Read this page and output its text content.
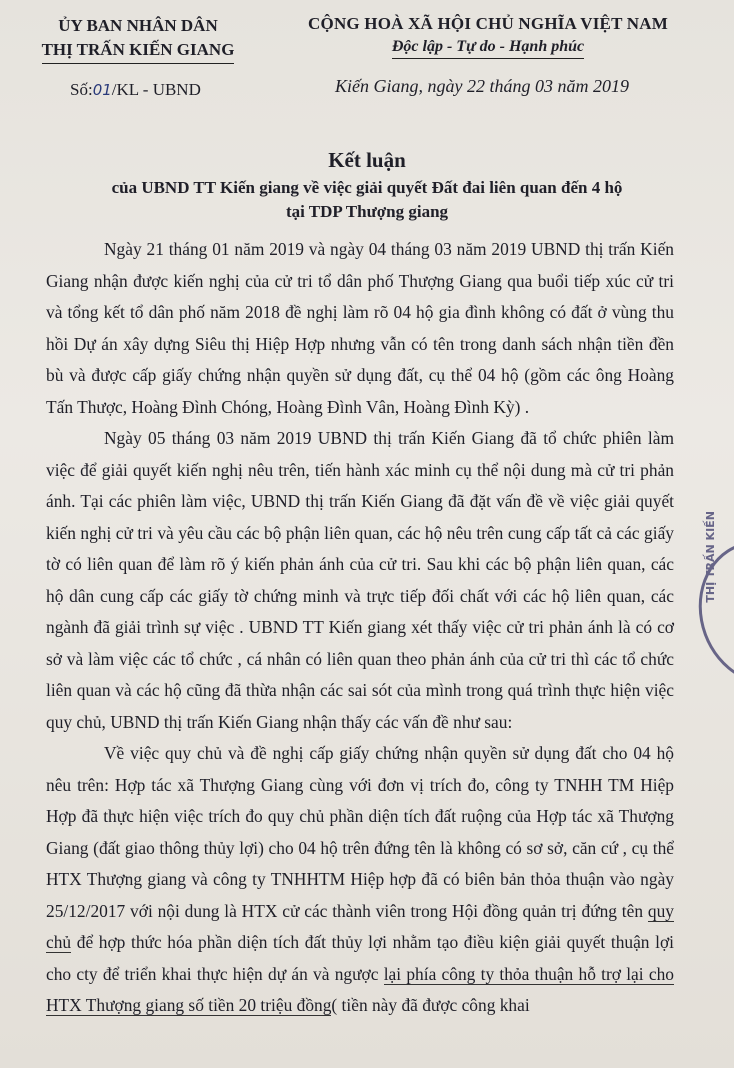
ỦY BAN NHÂN DÂN
THỊ TRẤN KIẾN GIANG
CỘNG HOÀ XÃ HỘI CHỦ NGHĨA VIỆT NAM
Độc lập - Tự do - Hạnh phúc
Số:01/KL - UBND	Kiến Giang, ngày 22 tháng 03 năm 2019
Kết luận
của UBND TT Kiến giang về việc giải quyết Đất đai liên quan đến 4 hộ
tại TDP Thượng giang

Ngày 21 tháng 01 năm 2019 và ngày 04 tháng 03 năm 2019 UBND thị trấn Kiến Giang nhận được kiến nghị của cử tri tổ dân phố Thượng Giang qua buổi tiếp xúc cử tri và tổng kết tổ dân phố năm 2018 đề nghị làm rõ 04 hộ gia đình không có đất ở vùng thu hồi Dự án xây dựng Siêu thị Hiệp Hợp nhưng vẫn có tên trong danh sách nhận tiền đền bù và được cấp giấy chứng nhận quyền sử dụng đất, cụ thể 04 hộ (gồm các ông Hoàng Tấn Thược, Hoàng Đình Chóng, Hoàng Đình Vân, Hoàng Đình Kỳ) .

Ngày 05 tháng 03 năm 2019 UBND thị trấn Kiến Giang đã tổ chức phiên làm việc để giải quyết kiến nghị nêu trên, tiến hành xác minh cụ thể nội dung mà cử tri phản ánh. Tại các phiên làm việc, UBND thị trấn Kiến Giang đã đặt vấn đề về việc giải quyết kiến nghị cử tri và yêu cầu các bộ phận liên quan, các hộ nêu trên cung cấp tất cả các giấy tờ có liên quan để làm rõ ý kiến phản ánh của cử tri. Sau khi các bộ phận liên quan, các hộ dân cung cấp các giấy tờ chứng minh và trực tiếp đối chất với các hộ liên quan, các ngành đã giải trình sự việc . UBND TT Kiến giang xét thấy việc cử tri phản ánh là có cơ sở và làm việc các tổ chức , cá nhân có liên quan theo phản ánh của cử tri thì các tổ chức liên quan và các hộ cũng đã thừa nhận các sai sót của mình trong quá trình thực hiện việc quy chủ, UBND thị trấn Kiến Giang nhận thấy các vấn đề như sau:

Về việc quy chủ và đề nghị cấp giấy chứng nhận quyền sử dụng đất cho 04 hộ nêu trên: Hợp tác xã Thượng Giang cùng với đơn vị trích đo, công ty TNHH TM Hiệp Hợp đã thực hiện việc trích đo quy chủ phần diện tích đất ruộng của Hợp tác xã Thượng Giang (đất giao thông thủy lợi) cho 04 hộ trên đứng tên là không có sơ sở, căn cứ , cụ thể HTX Thượng giang và công ty TNHHTM Hiệp hợp đã có biên bản thỏa thuận vào ngày 25/12/2017 với nội dung là HTX cử các thành viên trong Hội đồng quản trị đứng tên quy chủ để hợp thức hóa phần diện tích đất thủy lợi nhằm tạo điều kiện giải quyết thuận lợi cho cty để triển khai thực hiện dự án và ngược lại phía công ty thỏa thuận hỗ trợ lại cho HTX Thượng giang số tiền 20 triệu đồng( tiền này đã được công khai

THỊ TRẤN KIẾN
